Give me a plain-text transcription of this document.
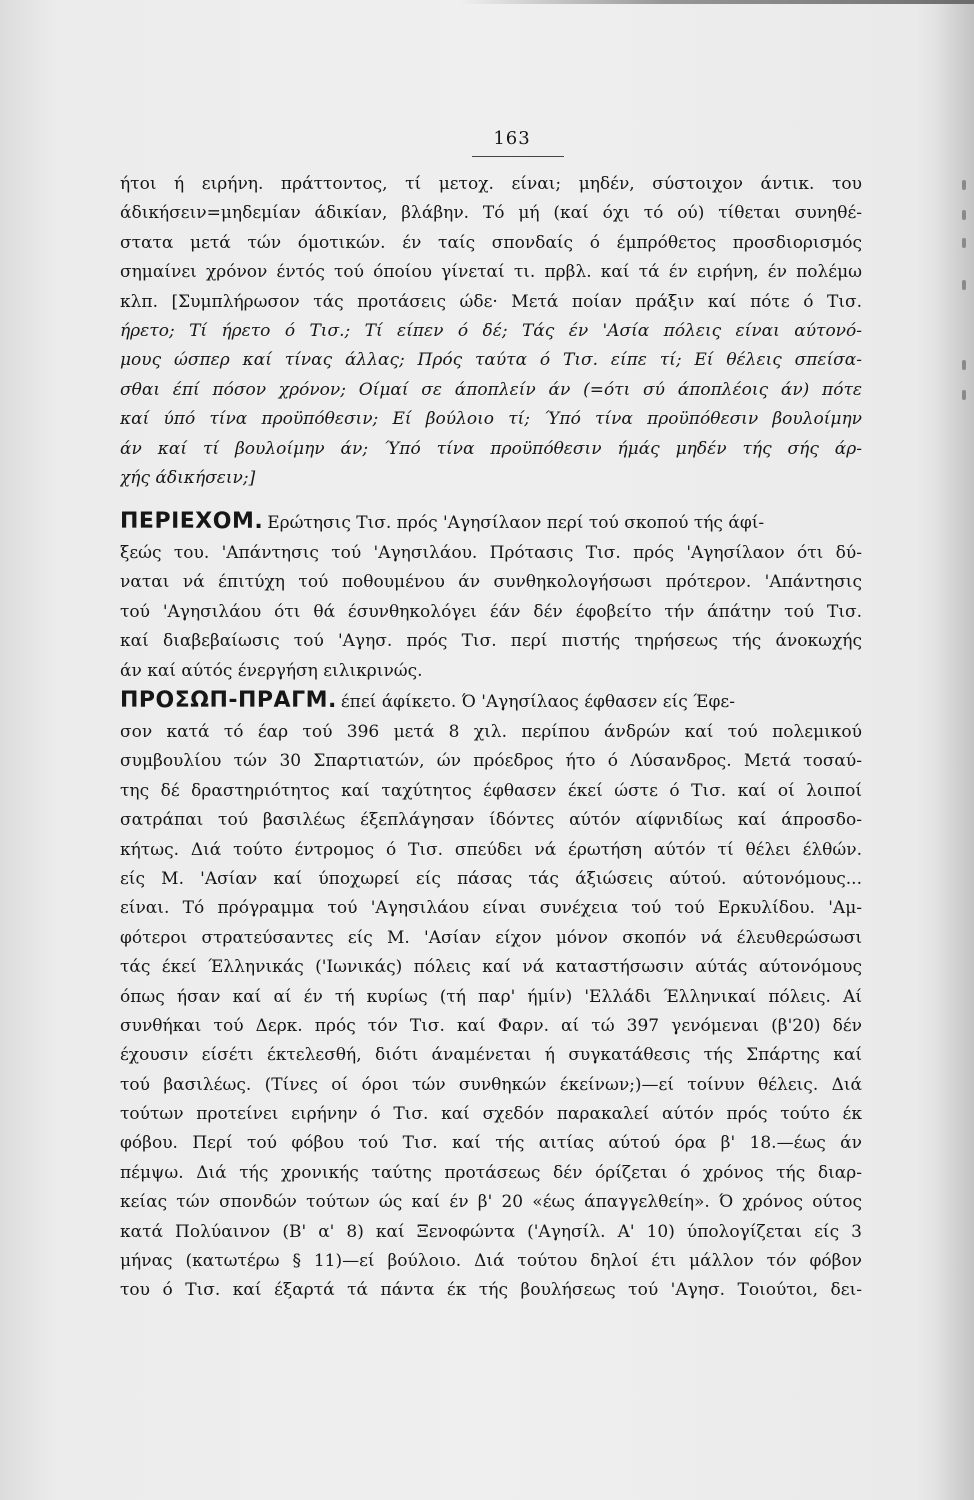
163
ήτοι ή ειρήνη. πράττοντος, τί μετοχ. είναι; μηδέν, σύστοιχον άντικ. του
άδικήσειν=μηδεμίαν άδικίαν, βλάβην. Τό μή (καί όχι τό ού) τίθεται συνηθέ-
στατα μετά τών όμοτικών. έν ταίς σπονδαίς ό έμπρόθετος προσδιορισμός
σημαίνει χρόνον έντός τού όποίου γίνεταί τι. πρβλ. καί τά έν ειρήνη, έν πολέμω
κλπ. [Συμπλήρωσον τάς προτάσεις ώδε· Μετά ποίαν πράξιν καί πότε ό Τισ.
ήρετο; Τί ήρετο ό Τισ.; Τί είπεν ό δέ; Τάς έν 'Ασία πόλεις είναι αύτονό-
μους ώσπερ καί τίνας άλλας; Πρός ταύτα ό Τισ. είπε τί; Εί θέλεις σπείσα-
σθαι έπί πόσον χρόνον; Οίμαί σε άποπλείν άν (=ότι σύ άποπλέοις άν) πότε
καί ύπό τίνα προϋπόθεσιν; Εί βούλοιο τί; Ύπό τίνα προϋπόθεσιν βουλοίμην
άν καί τί βουλοίμην άν; Ύπό τίνα προϋπόθεσιν ήμάς μηδέν τής σής άρ-
χής άδικήσειν;]
ΠΕΡΙΕΧΟΜ. Ερώτησις Τισ. πρός 'Αγησίλαον περί τού σκοπού τής άφί-
ξεώς του. 'Απάντησις τού 'Αγησιλάου. Πρότασις Τισ. πρός 'Αγησίλαον ότι δύ-
ναται νά έπιτύχη τού ποθουμένου άν συνθηκολογήσωσι πρότερον. 'Απάντησις
τού 'Αγησιλάου ότι θά έσυνθηκολόγει έάν δέν έφοβείτο τήν άπάτην τού Τισ.
καί διαβεβαίωσις τού 'Αγησ. πρός Τισ. περί πιστής τηρήσεως τής άνοκωχής
άν καί αύτός ένεργήση ειλικρινώς.
ΠΡΟΣΩΠ-ΠΡΑΓΜ. έπεί άφίκετο. Ό 'Αγησίλαος έφθασεν είς Έφε-
σον κατά τό έαρ τού 396 μετά 8 χιλ. περίπου άνδρών καί τού πολεμικού
συμβουλίου τών 30 Σπαρτιατών, ών πρόεδρος ήτο ό Λύσανδρος. Μετά τοσαύ-
της δέ δραστηριότητος καί ταχύτητος έφθασεν έκεί ώστε ό Τισ. καί οί λοιποί
σατράπαι τού βασιλέως έξεπλάγησαν ίδόντες αύτόν αίφνιδίως καί άπροσδο-
κήτως. Διά τούτο έντρομος ό Τισ. σπεύδει νά έρωτήση αύτόν τί θέλει έλθών.
είς Μ. 'Ασίαν καί ύποχωρεί είς πάσας τάς άξιώσεις αύτού. αύτονόμους...
είναι. Τό πρόγραμμα τού 'Αγησιλάου είναι συνέχεια τού τού Ερκυλίδου. 'Αμ-
φότεροι στρατεύσαντες είς Μ. 'Ασίαν είχον μόνον σκοπόν νά έλευθερώσωσι
τάς έκεί Έλληνικάς ('Ιωνικάς) πόλεις καί νά καταστήσωσιν αύτάς αύτονόμους
όπως ήσαν καί αί έν τή κυρίως (τή παρ' ήμίν) 'Ελλάδι Έλληνικαί πόλεις. Αί
συνθήκαι τού Δερκ. πρός τόν Τισ. καί Φαρν. αί τώ 397 γενόμεναι (β'20) δέν
έχουσιν είσέτι έκτελεσθή, διότι άναμένεται ή συγκατάθεσις τής Σπάρτης καί
τού βασιλέως. (Τίνες οί όροι τών συνθηκών έκείνων;)—εί τοίνυν θέλεις. Διά
τούτων προτείνει ειρήνην ό Τισ. καί σχεδόν παρακαλεί αύτόν πρός τούτο έκ
φόβου. Περί τού φόβου τού Τισ. καί τής αιτίας αύτού όρα β' 18.—έως άν
πέμψω. Διά τής χρονικής ταύτης προτάσεως δέν όρίζεται ό χρόνος τής διαρ-
κείας τών σπονδών τούτων ώς καί έν β' 20 «έως άπαγγελθείη». Ό χρόνος ούτος
κατά Πολύαινον (Β' α' 8) καί Ξενοφώντα ('Αγησίλ. Α' 10) ύπολογίζεται είς 3
μήνας (κατωτέρω § 11)—εί βούλοιο. Διά τούτου δηλοί έτι μάλλον τόν φόβον
του ό Τισ. καί έξαρτά τά πάντα έκ τής βουλήσεως τού 'Αγησ. Τοιούτοι, δει-
